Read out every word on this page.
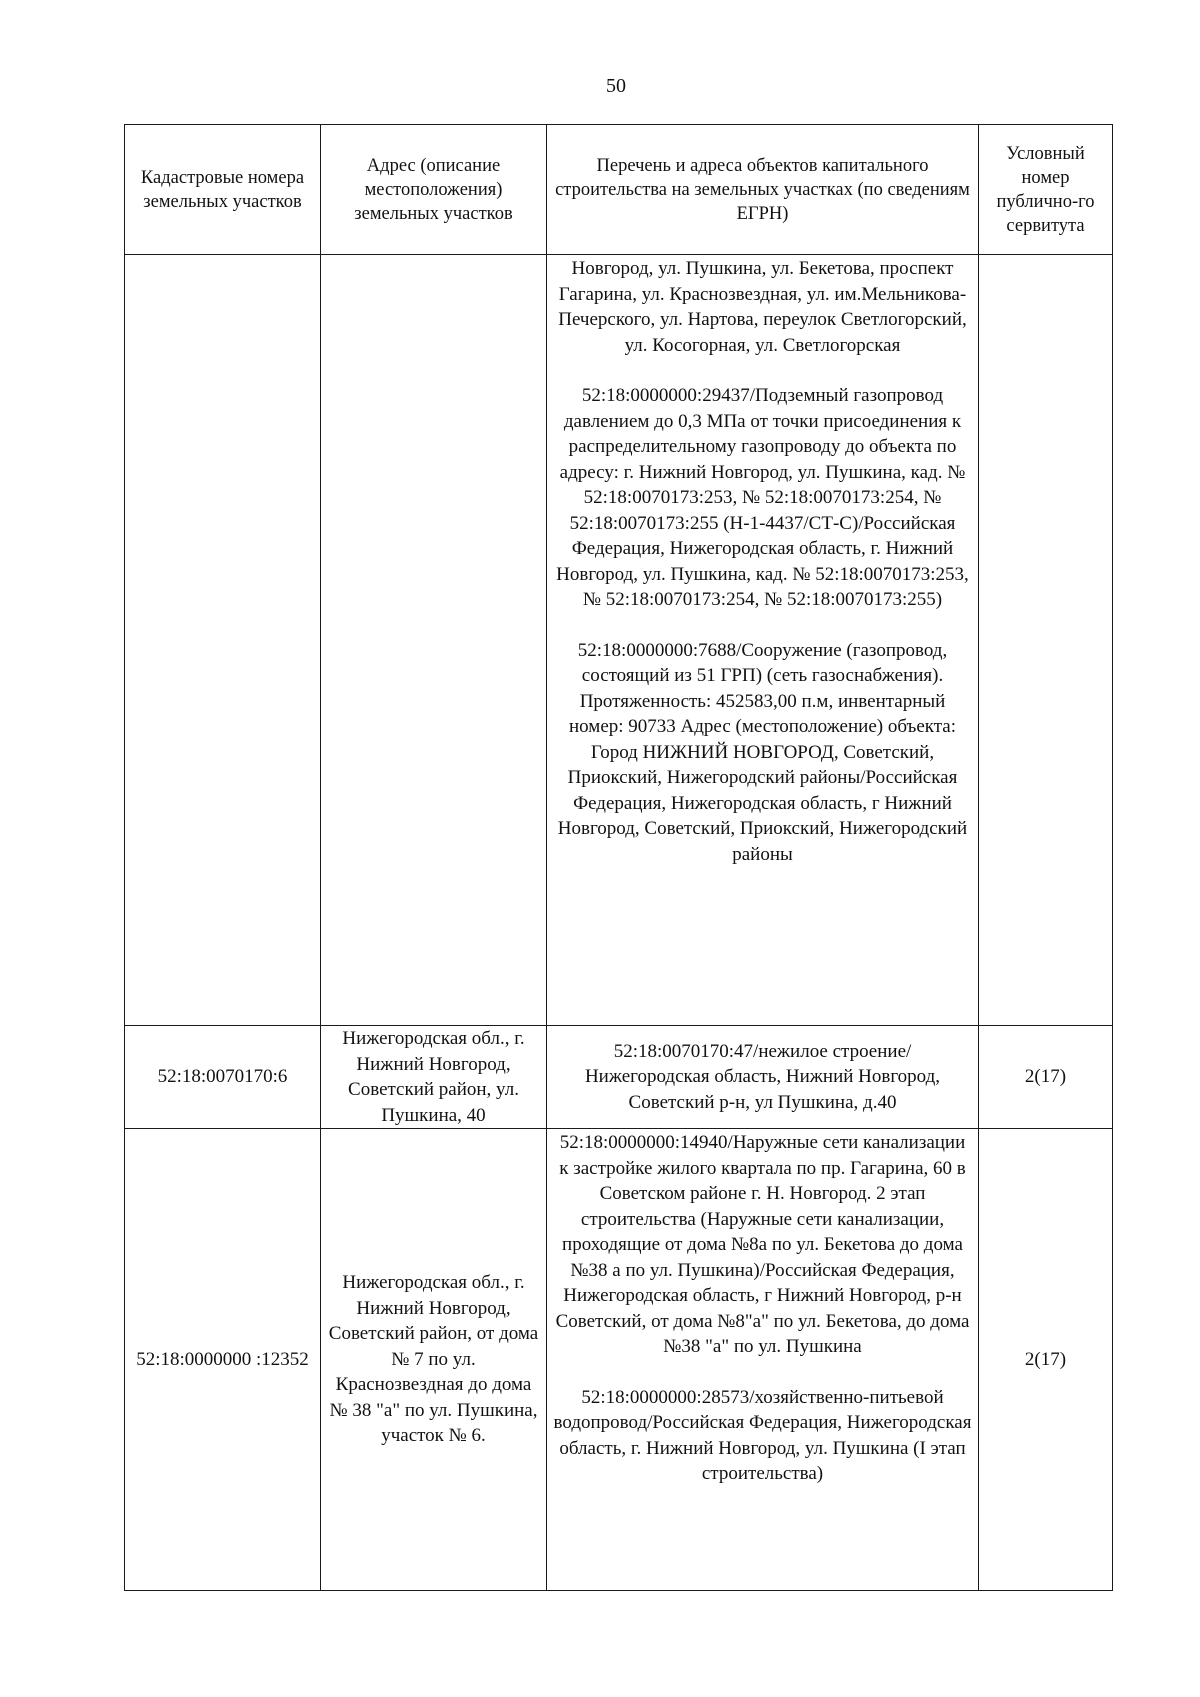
50
Кадастровые номера земельных участков	Адрес (описание местоположения) земельных участков	Перечень и адреса объектов капитального строительства на земельных участках (по сведениям ЕГРН)	Условный номер публично-го сервитута

		Новгород, ул. Пушкина, ул. Бекетова, проспект Гагарина, ул. Краснозвездная, ул. им.Мельникова-Печерского, ул. Нартова, переулок Светлогорский, ул. Косогорная, ул. Светлогорская
52:18:0000000:29437/Подземный газопровод давлением до 0,3 МПа от точки присоединения к распределительному газопроводу до объекта по адресу: г. Нижний Новгород, ул. Пушкина, кад. № 52:18:0070173:253, № 52:18:0070173:254, № 52:18:0070173:255 (Н-1-4437/СТ-С)/Российская Федерация, Нижегородская область, г. Нижний Новгород, ул. Пушкина, кад. № 52:18:0070173:253, № 52:18:0070173:254, № 52:18:0070173:255)
52:18:0000000:7688/Сооружение (газопровод, состоящий из 51 ГРП) (сеть газоснабжения). Протяженность: 452583,00 п.м, инвентарный номер: 90733 Адрес (местоположение) объекта: Город НИЖНИЙ НОВГОРОД, Советский, Приокский, Нижегородский районы/Российская Федерация, Нижегородская область, г Нижний Новгород, Советский, Приокский, Нижегородский районы	

52:18:0070170:6	Нижегородская обл., г. Нижний Новгород, Советский район, ул. Пушкина, 40	52:18:0070170:47/нежилое строение/Нижегородская область, Нижний Новгород, Советский р-н, ул Пушкина, д.40	2(17)
52:18:0000000 :12352	Нижегородская обл., г. Нижний Новгород, Советский район, от дома № 7 по ул. Краснозвездная до дома № 38 "а" по ул. Пушкина, участок № 6.	52:18:0000000:14940/Наружные сети канализации к застройке жилого квартала по пр. Гагарина, 60 в Советском районе г. Н. Новгород. 2 этап строительства (Наружные сети канализации, проходящие от дома №8а по ул. Бекетова до дома №38 а по ул. Пушкина)/Российская Федерация, Нижегородская область, г Нижний Новгород, р-н Советский, от дома №8"а" по ул. Бекетова, до дома №38 "а" по ул. Пушкина
52:18:0000000:28573/хозяйственно-питьевой водопровод/Российская Федерация, Нижегородская область, г. Нижний Новгород, ул. Пушкина (I этап строительства)	2(17)
